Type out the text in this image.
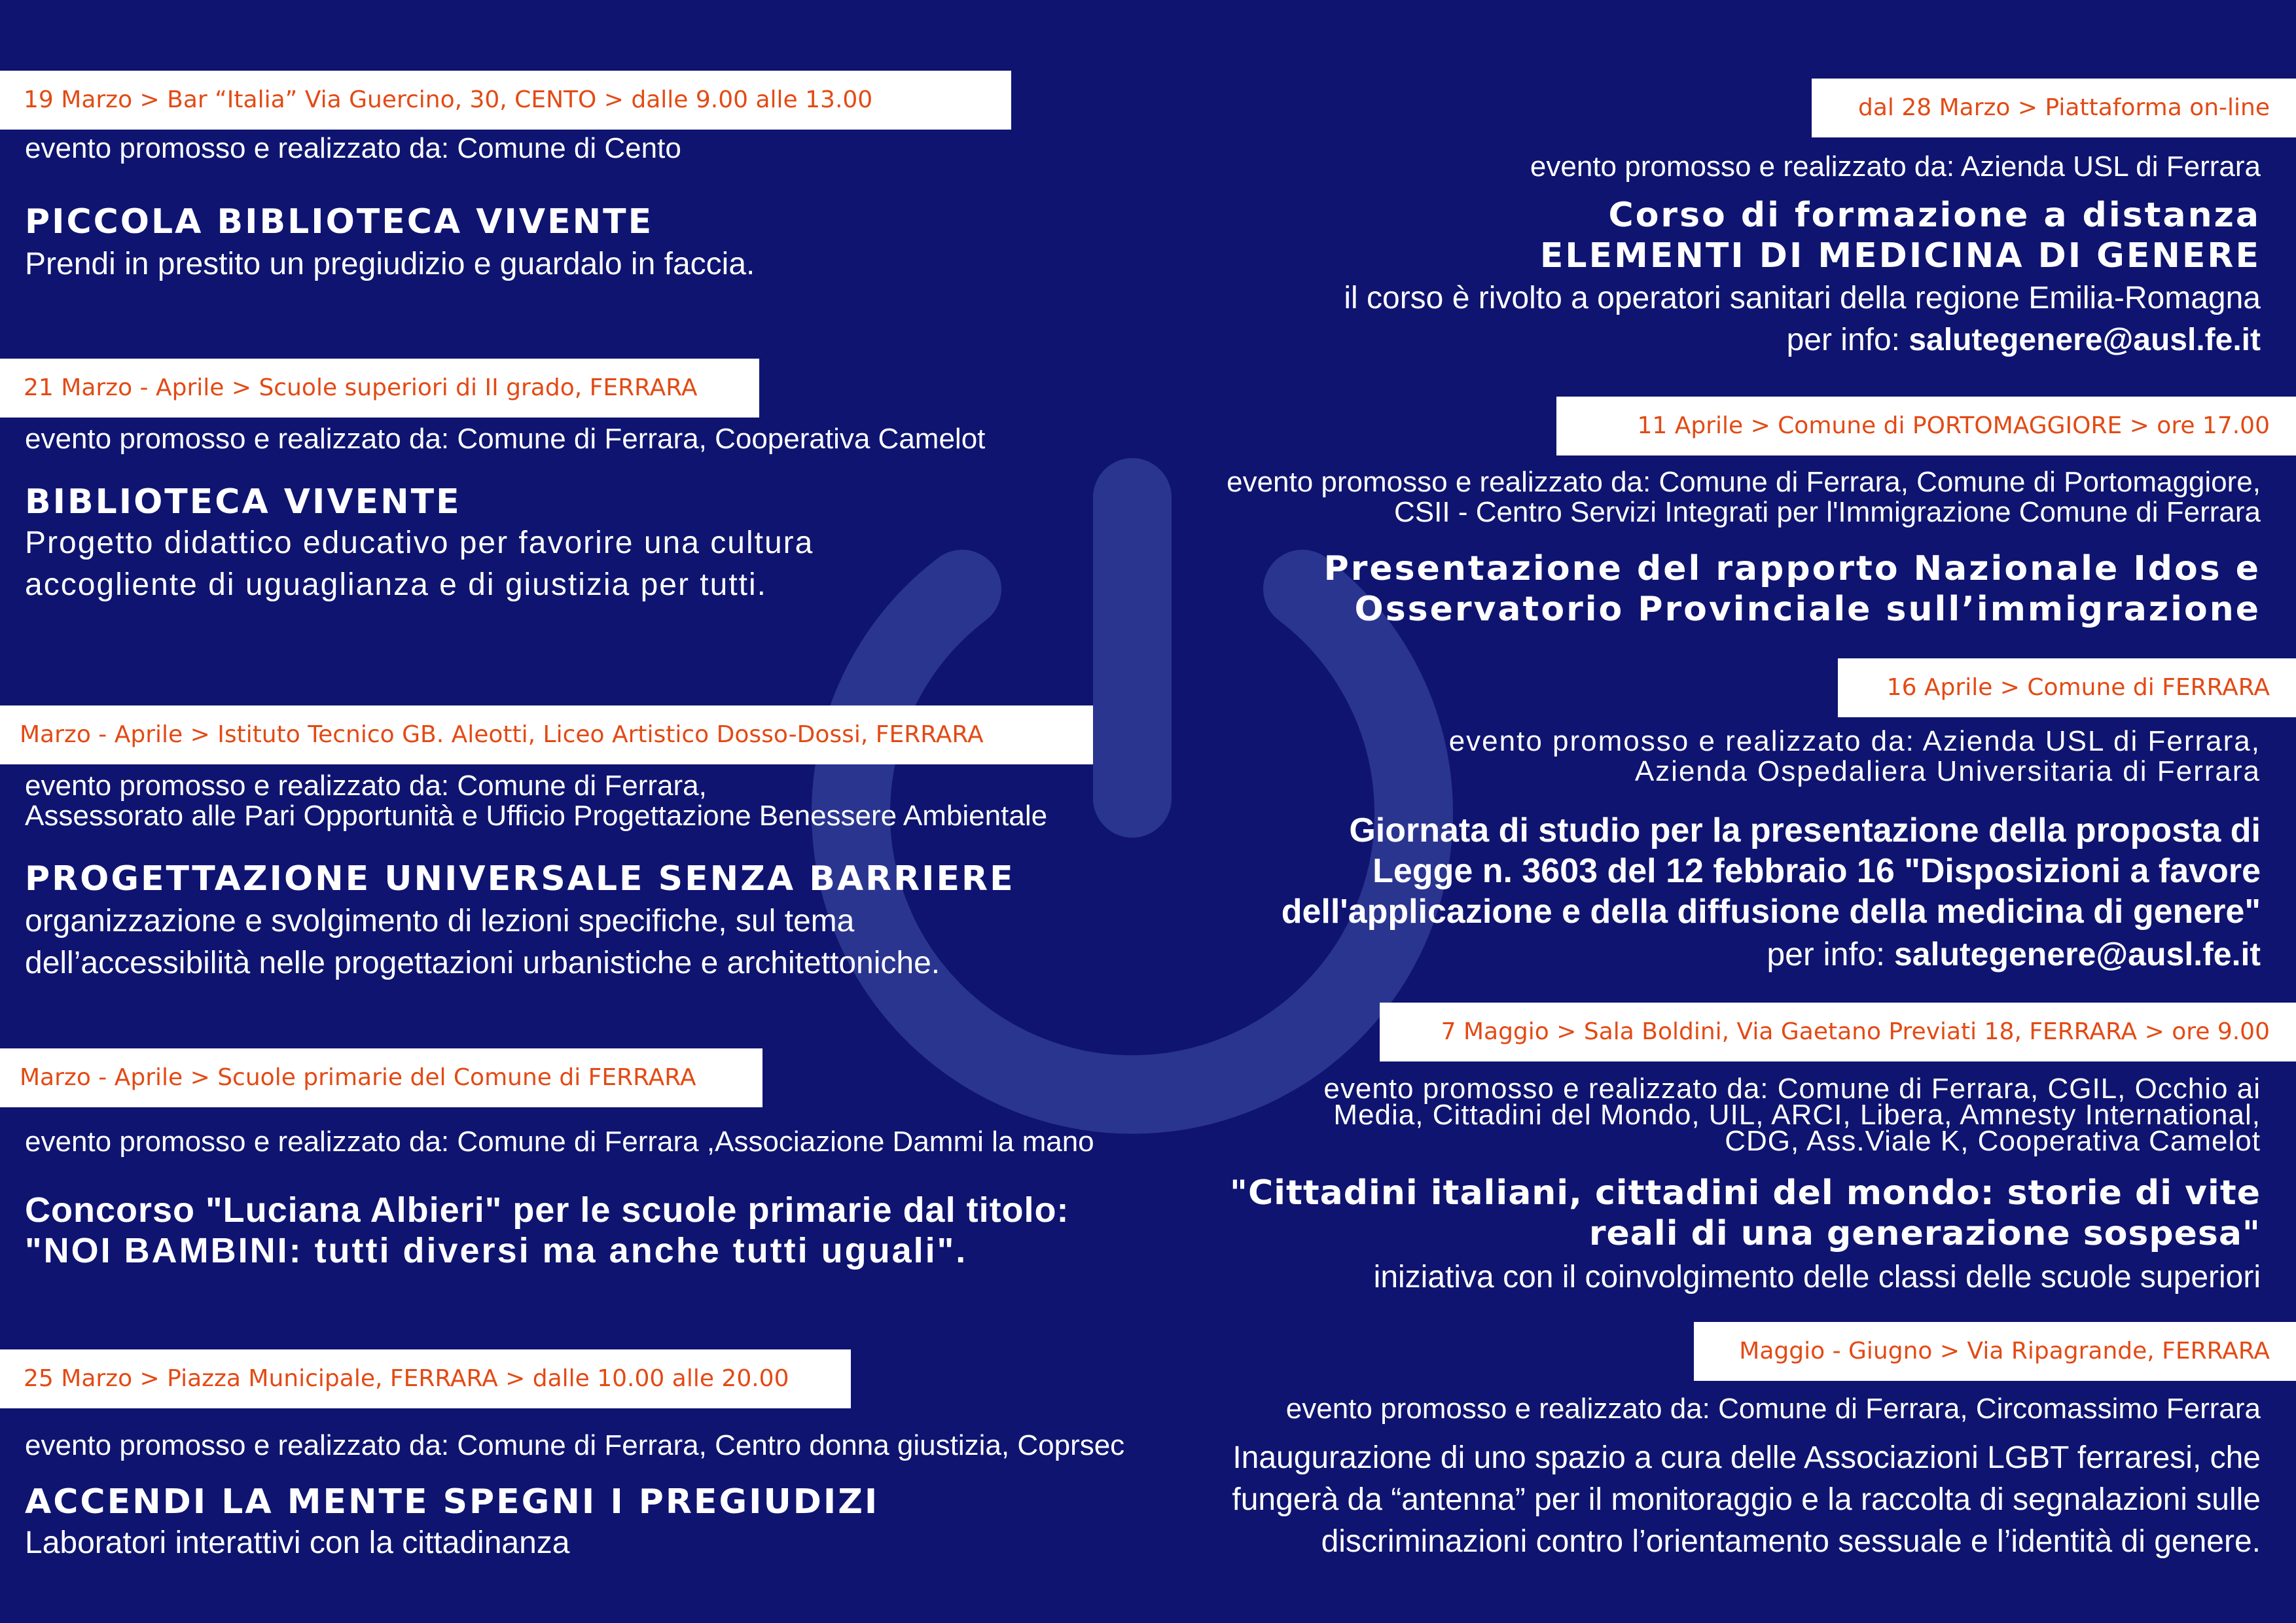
19 Marzo > Bar “Italia” Via Guercino, 30, CENTO > dalle 9.00 alle 13.00
evento promosso e realizzato da: Comune di Cento
PICCOLA BIBLIOTECA VIVENTE
Prendi in prestito un pregiudizio e guardalo in faccia.
21 Marzo - Aprile > Scuole superiori di II grado, FERRARA
evento promosso e realizzato da: Comune di Ferrara, Cooperativa Camelot
BIBLIOTECA VIVENTE
Progetto didattico educativo per favorire una cultura
accogliente di uguaglianza e di giustizia per tutti.
Marzo - Aprile > Istituto Tecnico GB. Aleotti, Liceo Artistico Dosso-Dossi, FERRARA
evento promosso e realizzato da: Comune di Ferrara,
Assessorato alle Pari Opportunità e Ufficio Progettazione Benessere Ambientale
PROGETTAZIONE UNIVERSALE SENZA BARRIERE
organizzazione e svolgimento di lezioni specifiche, sul tema
dell’accessibilità nelle progettazioni urbanistiche e architettoniche.
Marzo - Aprile > Scuole primarie del Comune di FERRARA
evento promosso e realizzato da: Comune di Ferrara ,Associazione Dammi la mano
Concorso "Luciana Albieri" per le scuole primarie dal titolo:
"NOI BAMBINI: tutti diversi ma anche tutti uguali".
25 Marzo > Piazza Municipale, FERRARA > dalle 10.00 alle 20.00
evento promosso e realizzato da: Comune di Ferrara, Centro donna giustizia, Coprsec
ACCENDI LA MENTE SPEGNI I PREGIUDIZI
Laboratori interattivi con la cittadinanza
dal 28 Marzo > Piattaforma on-line
evento promosso e realizzato da: Azienda USL di Ferrara
Corso di formazione a distanza
ELEMENTI DI MEDICINA DI GENERE
il corso è rivolto a operatori sanitari della regione Emilia-Romagna
per info: salutegenere@ausl.fe.it
11 Aprile > Comune di PORTOMAGGIORE > ore 17.00
evento promosso e realizzato da: Comune di Ferrara, Comune di Portomaggiore,
CSII - Centro Servizi Integrati per l'Immigrazione Comune di Ferrara
Presentazione del rapporto Nazionale Idos e
Osservatorio Provinciale sull’immigrazione
16 Aprile > Comune di FERRARA
evento promosso e realizzato da: Azienda USL di Ferrara,
Azienda Ospedaliera Universitaria di Ferrara
Giornata di studio per la presentazione della proposta di
Legge n. 3603 del 12 febbraio 16 "Disposizioni a favore
dell'applicazione e della diffusione della medicina di genere"
per info: salutegenere@ausl.fe.it
7 Maggio > Sala Boldini, Via Gaetano Previati 18, FERRARA > ore 9.00
evento promosso e realizzato da: Comune di Ferrara, CGIL, Occhio ai
Media, Cittadini del Mondo, UIL, ARCI, Libera, Amnesty International,
CDG, Ass.Viale K, Cooperativa Camelot
"Cittadini italiani, cittadini del mondo: storie di vite
reali di una generazione sospesa"
iniziativa con il coinvolgimento delle classi delle scuole superiori
Maggio - Giugno > Via Ripagrande, FERRARA
evento promosso e realizzato da: Comune di Ferrara, Circomassimo Ferrara
Inaugurazione di uno spazio a cura delle Associazioni LGBT ferraresi, che
fungerà da “antenna” per il monitoraggio e la raccolta di segnalazioni sulle
discriminazioni contro l’orientamento sessuale e l’identità di genere.
